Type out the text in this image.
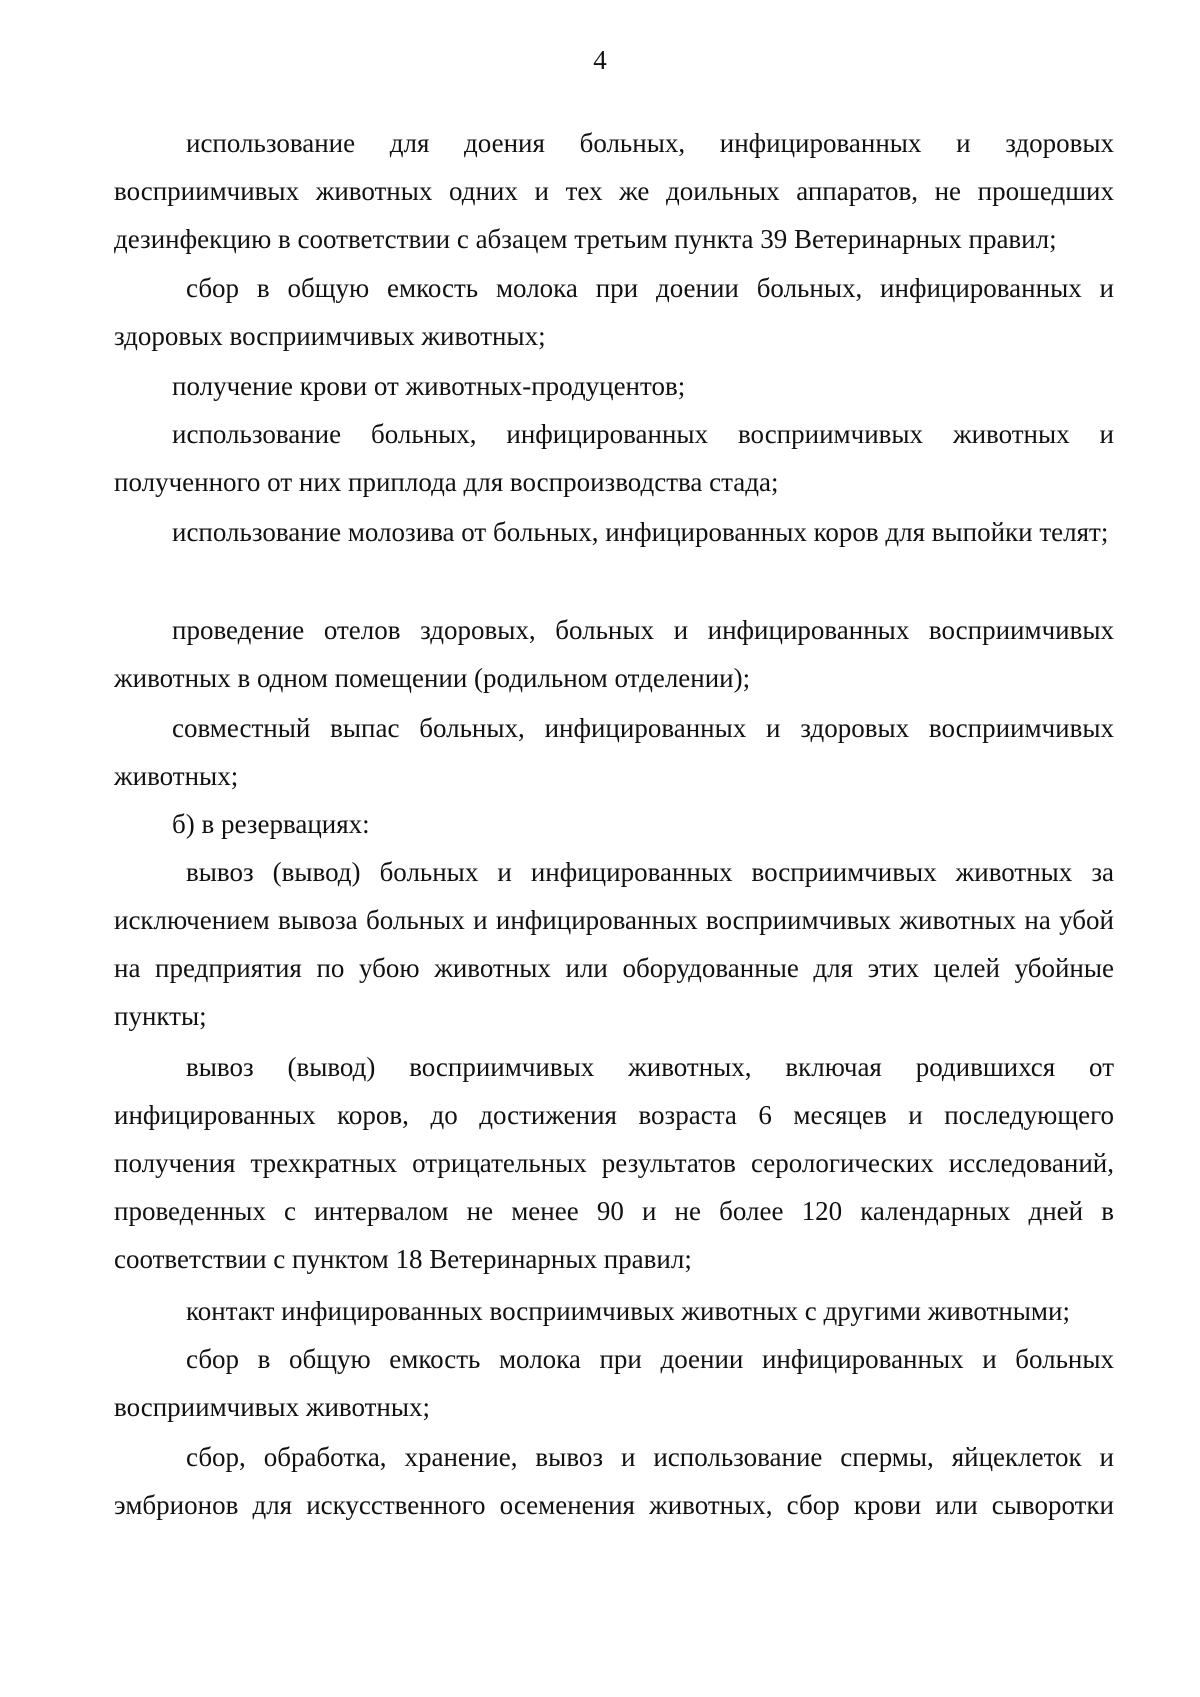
4

использование для доения больных, инфицированных и здоровых восприимчивых животных одних и тех же доильных аппаратов, не прошедших дезинфекцию в соответствии с абзацем третьим пункта 39 Ветеринарных правил;

сбор в общую емкость молока при доении больных, инфицированных и здоровых восприимчивых животных;

получение крови от животных-продуцентов;

использование больных, инфицированных восприимчивых животных и полученного от них приплода для воспроизводства стада;

использование молозива от больных, инфицированных коров для выпойки телят;

проведение отелов здоровых, больных и инфицированных восприимчивых животных в одном помещении (родильном отделении);

совместный выпас больных, инфицированных и здоровых восприимчивых животных;

б) в резервациях:

вывоз (вывод) больных и инфицированных восприимчивых животных за исключением вывоза больных и инфицированных восприимчивых животных на убой на предприятия по убою животных или оборудованные для этих целей убойные пункты;

вывоз (вывод) восприимчивых животных, включая родившихся от инфицированных коров, до достижения возраста 6 месяцев и последующего получения трехкратных отрицательных результатов серологических исследований, проведенных с интервалом не менее 90 и не более 120 календарных дней в соответствии с пунктом 18 Ветеринарных правил;

контакт инфицированных восприимчивых животных с другими животными;

сбор в общую емкость молока при доении инфицированных и больных восприимчивых животных;

сбор, обработка, хранение, вывоз и использование спермы, яйцеклеток и эмбрионов для искусственного осеменения животных, сбор крови или сыворотки
